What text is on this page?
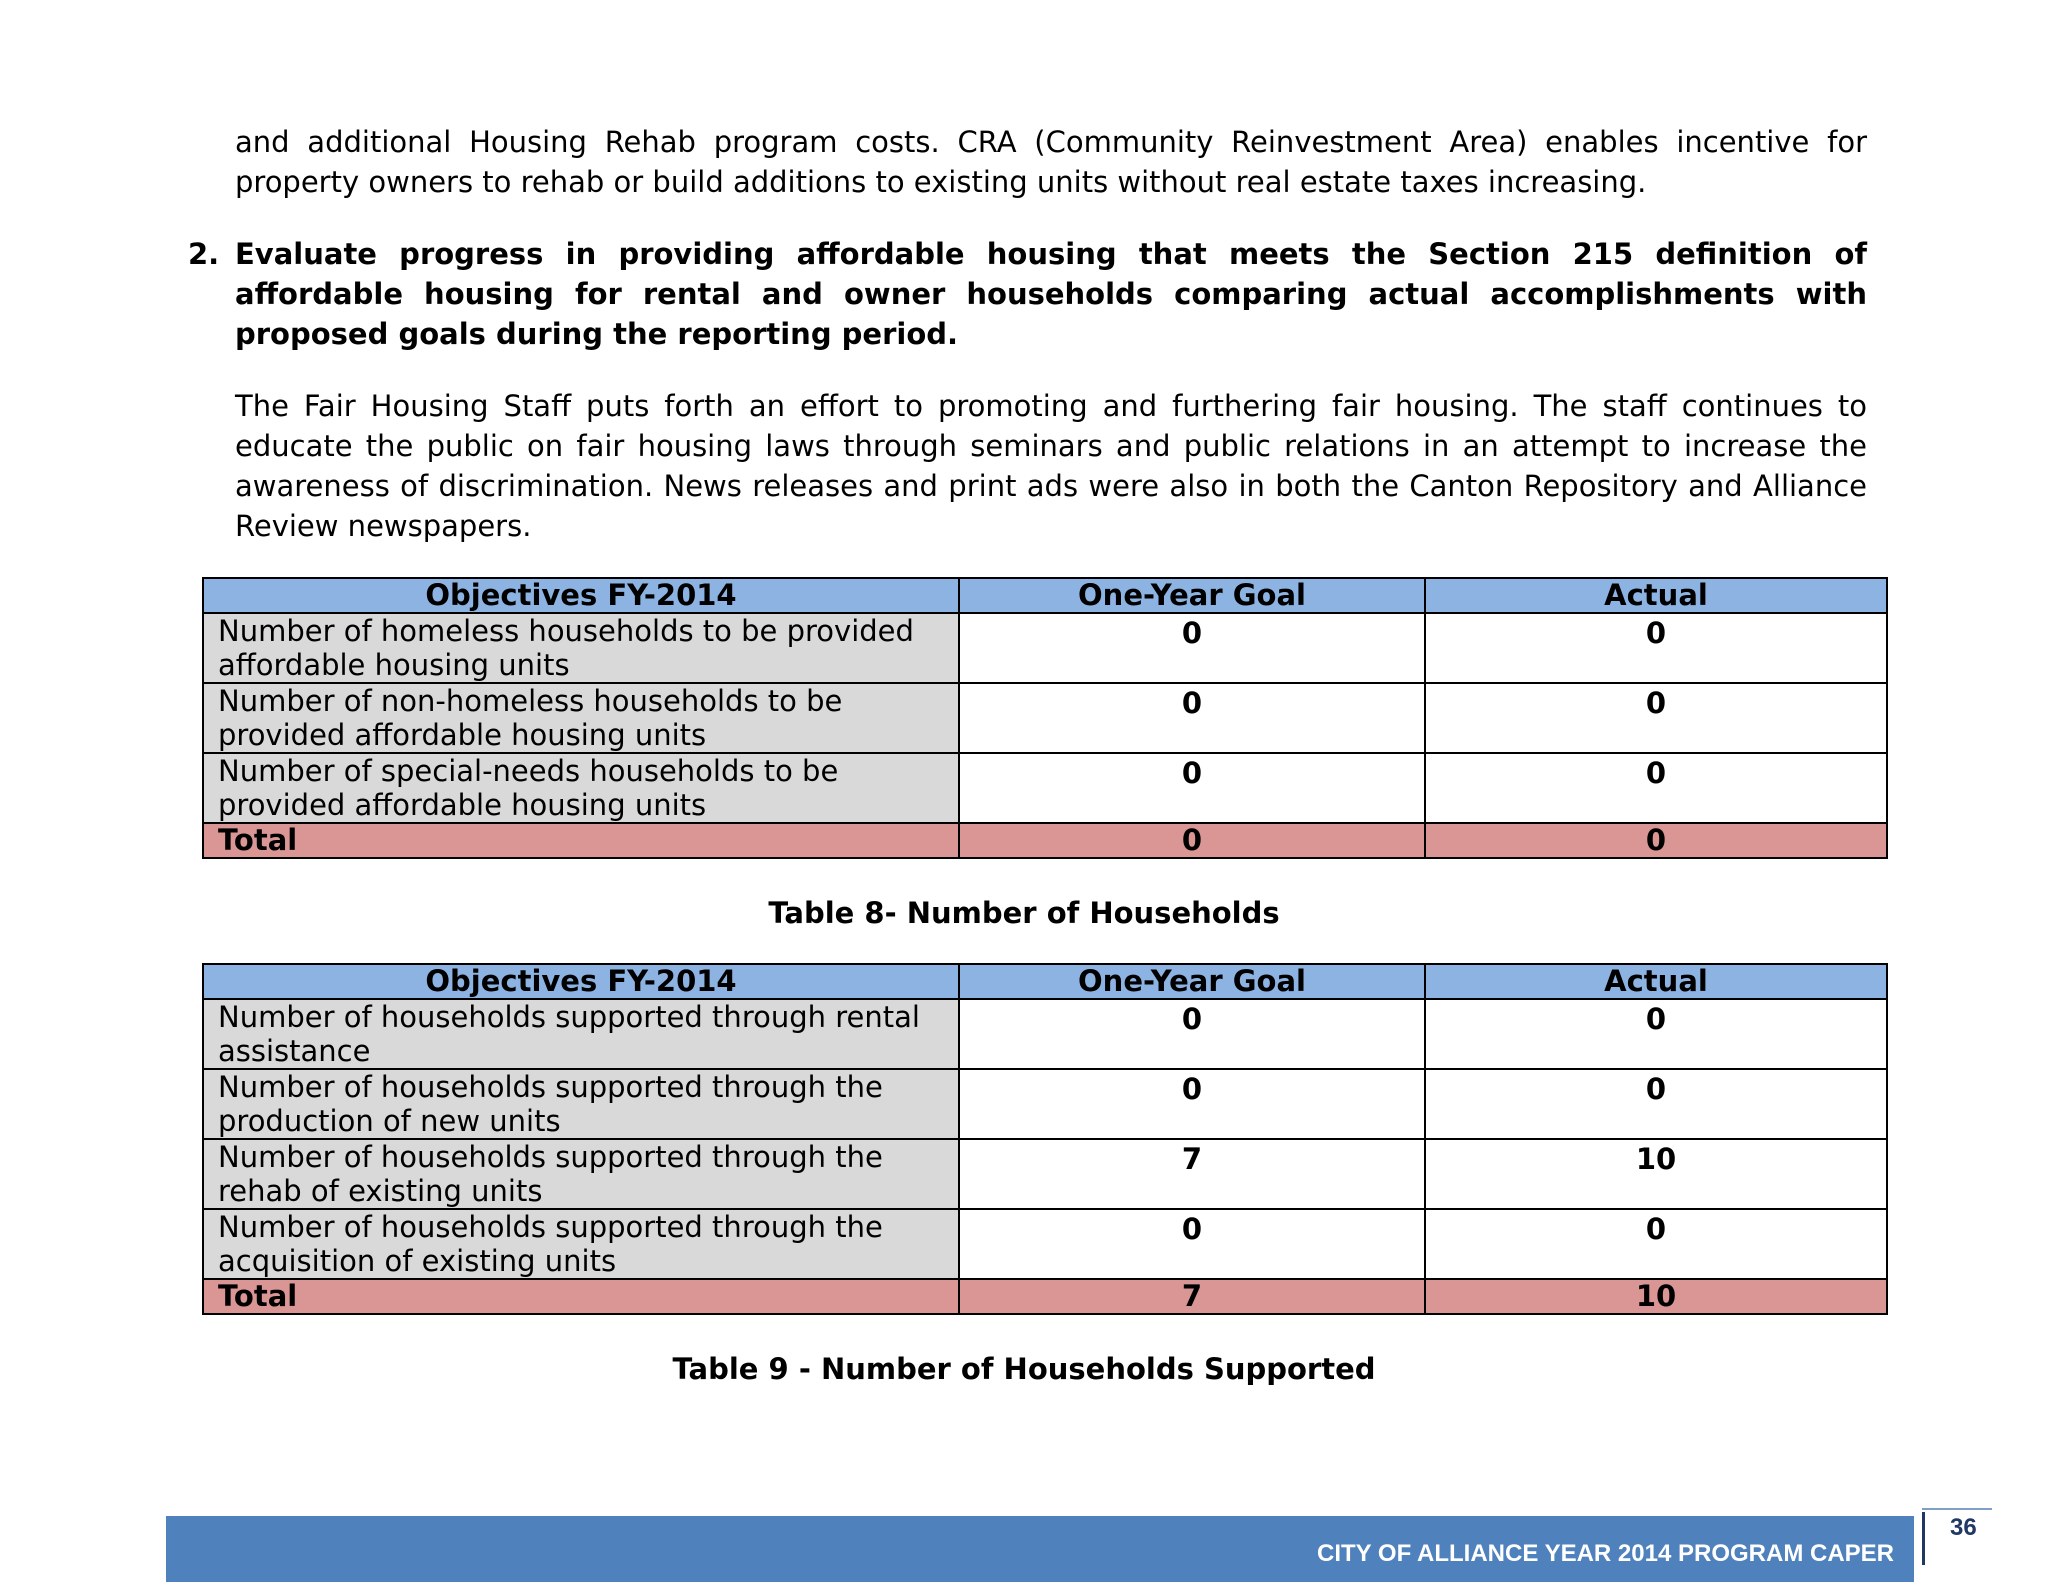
and additional Housing Rehab program costs. CRA (Community Reinvestment Area) enables incentive for property owners to rehab or build additions to existing units without real estate taxes increasing.

2. Evaluate progress in providing affordable housing that meets the Section 215 definition of affordable housing for rental and owner households comparing actual accomplishments with proposed goals during the reporting period.

The Fair Housing Staff puts forth an effort to promoting and furthering fair housing. The staff continues to educate the public on fair housing laws through seminars and public relations in an attempt to increase the awareness of discrimination. News releases and print ads were also in both the Canton Repository and Alliance Review newspapers.

Objectives FY-2014	One-Year Goal	Actual
Number of homeless households to be provided affordable housing units	0	0
Number of non-homeless households to be provided affordable housing units	0	0
Number of special-needs households to be provided affordable housing units	0	0
Total	0	0
Table 8- Number of Households
Objectives FY-2014	One-Year Goal	Actual
Number of households supported through rental assistance	0	0
Number of households supported through the production of new units	0	0
Number of households supported through the rehab of existing units	7	10
Number of households supported through the acquisition of existing units	0	0
Total	7	10
Table 9 - Number of Households Supported
CITY OF ALLIANCE YEAR 2014 PROGRAM CAPER
36
